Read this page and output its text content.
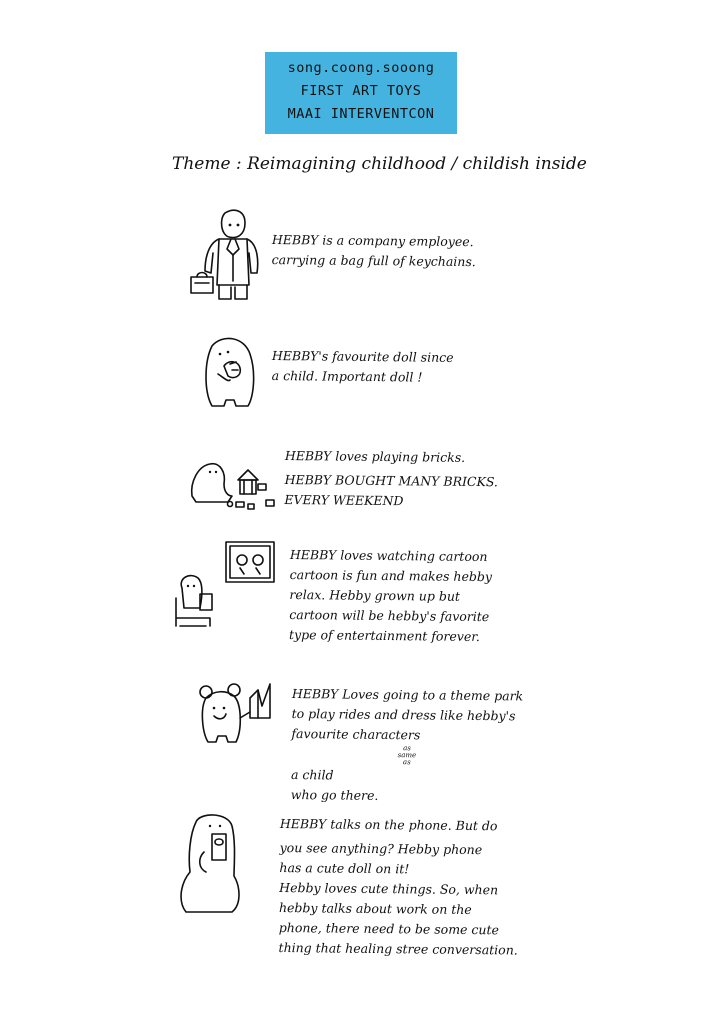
song.coong.sooong
FIRST ART TOYS
MAAI INTERVENTCON
Theme : Reimagining childhood / childish inside
HEBBY is a company employee.
carrying a bag full of keychains.
HEBBY's favourite doll since
a child. Important doll !
HEBBY loves playing bricks.
HEBBY BOUGHT MANY BRICKS.
EVERY WEEKEND
HEBBY loves watching cartoon
cartoon is fun and makes hebby
relax. Hebby grown up but
cartoon will be hebby's favorite
type of entertainment forever.
HEBBY Loves going to a theme park
to play rides and dress like hebby's
favourite characters
as
same
as
a child
who go there.
HEBBY talks on the phone. But do
you see anything? Hebby phone
has a cute doll on it!
Hebby loves cute things. So, when
hebby talks about work on the
phone, there need to be some cute
thing that healing stree conversation.
